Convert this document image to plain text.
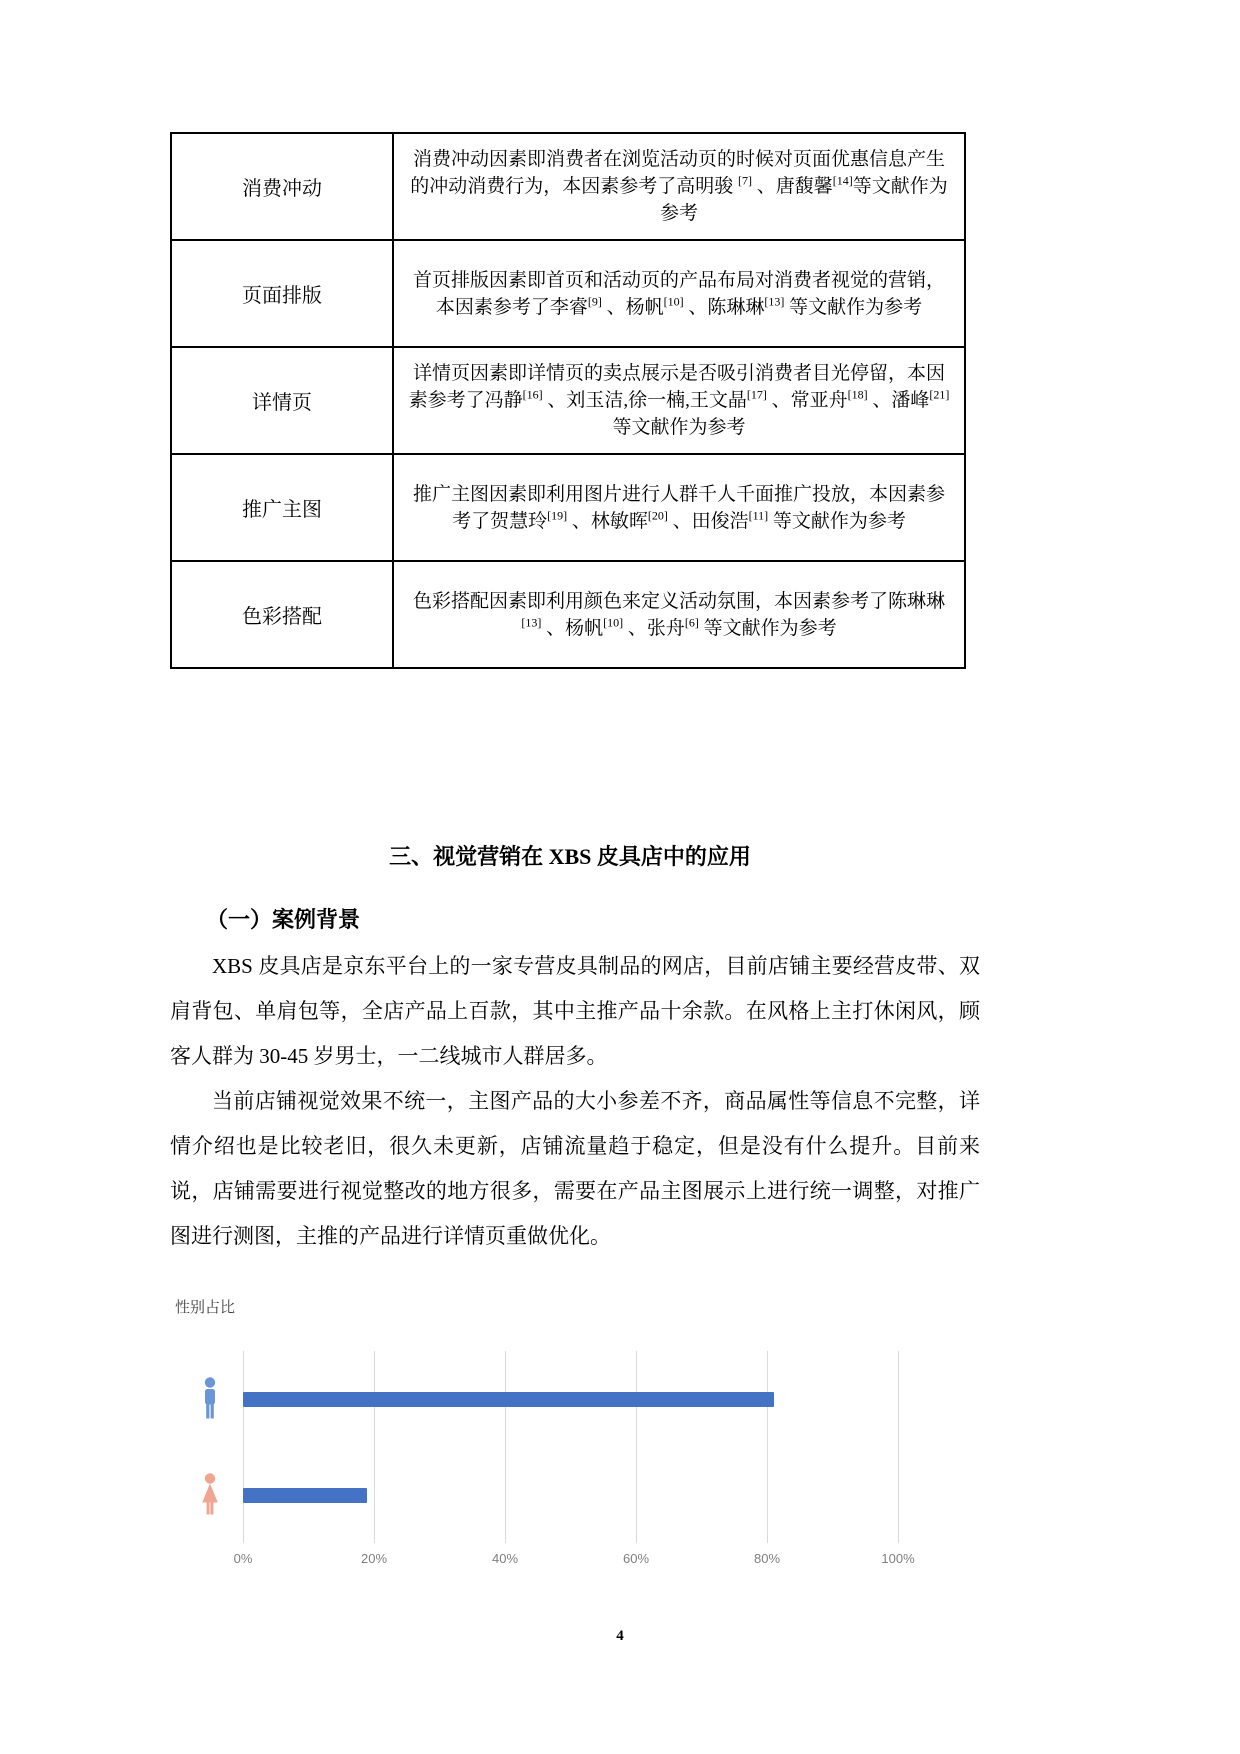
消费冲动	消费冲动因素即消费者在浏览活动页的时候对页面优惠信息产生的冲动消费行为，本因素参考了高明骏 [7] 、唐馥馨[14]等文献作为参考
页面排版	首页排版因素即首页和活动页的产品布局对消费者视觉的营销，本因素参考了李睿[9] 、杨帆[10] 、陈琳琳[13] 等文献作为参考
详情页	详情页因素即详情页的卖点展示是否吸引消费者目光停留，本因素参考了冯静[16] 、刘玉洁,徐一楠,王文晶[17] 、常亚舟[18] 、潘峰[21]等文献作为参考
推广主图	推广主图因素即利用图片进行人群千人千面推广投放，本因素参考了贺慧玲[19] 、林敏晖[20] 、田俊浩[11] 等文献作为参考
色彩搭配	色彩搭配因素即利用颜色来定义活动氛围，本因素参考了陈琳琳[13] 、杨帆[10] 、张舟[6] 等文献作为参考
三、视觉营销在 XBS 皮具店中的应用
（一）案例背景

XBS 皮具店是京东平台上的一家专营皮具制品的网店，目前店铺主要经营皮带、双肩背包、单肩包等，全店产品上百款，其中主推产品十余款。在风格上主打休闲风，顾客人群为 30-45 岁男士，一二线城市人群居多。

当前店铺视觉效果不统一，主图产品的大小参差不齐，商品属性等信息不完整，详情介绍也是比较老旧，很久未更新，店铺流量趋于稳定，但是没有什么提升。目前来说，店铺需要进行视觉整改的地方很多，需要在产品主图展示上进行统一调整，对推广图进行测图，主推的产品进行详情页重做优化。

性别占比
0%	20%	40%	60%	80%	100%
4
